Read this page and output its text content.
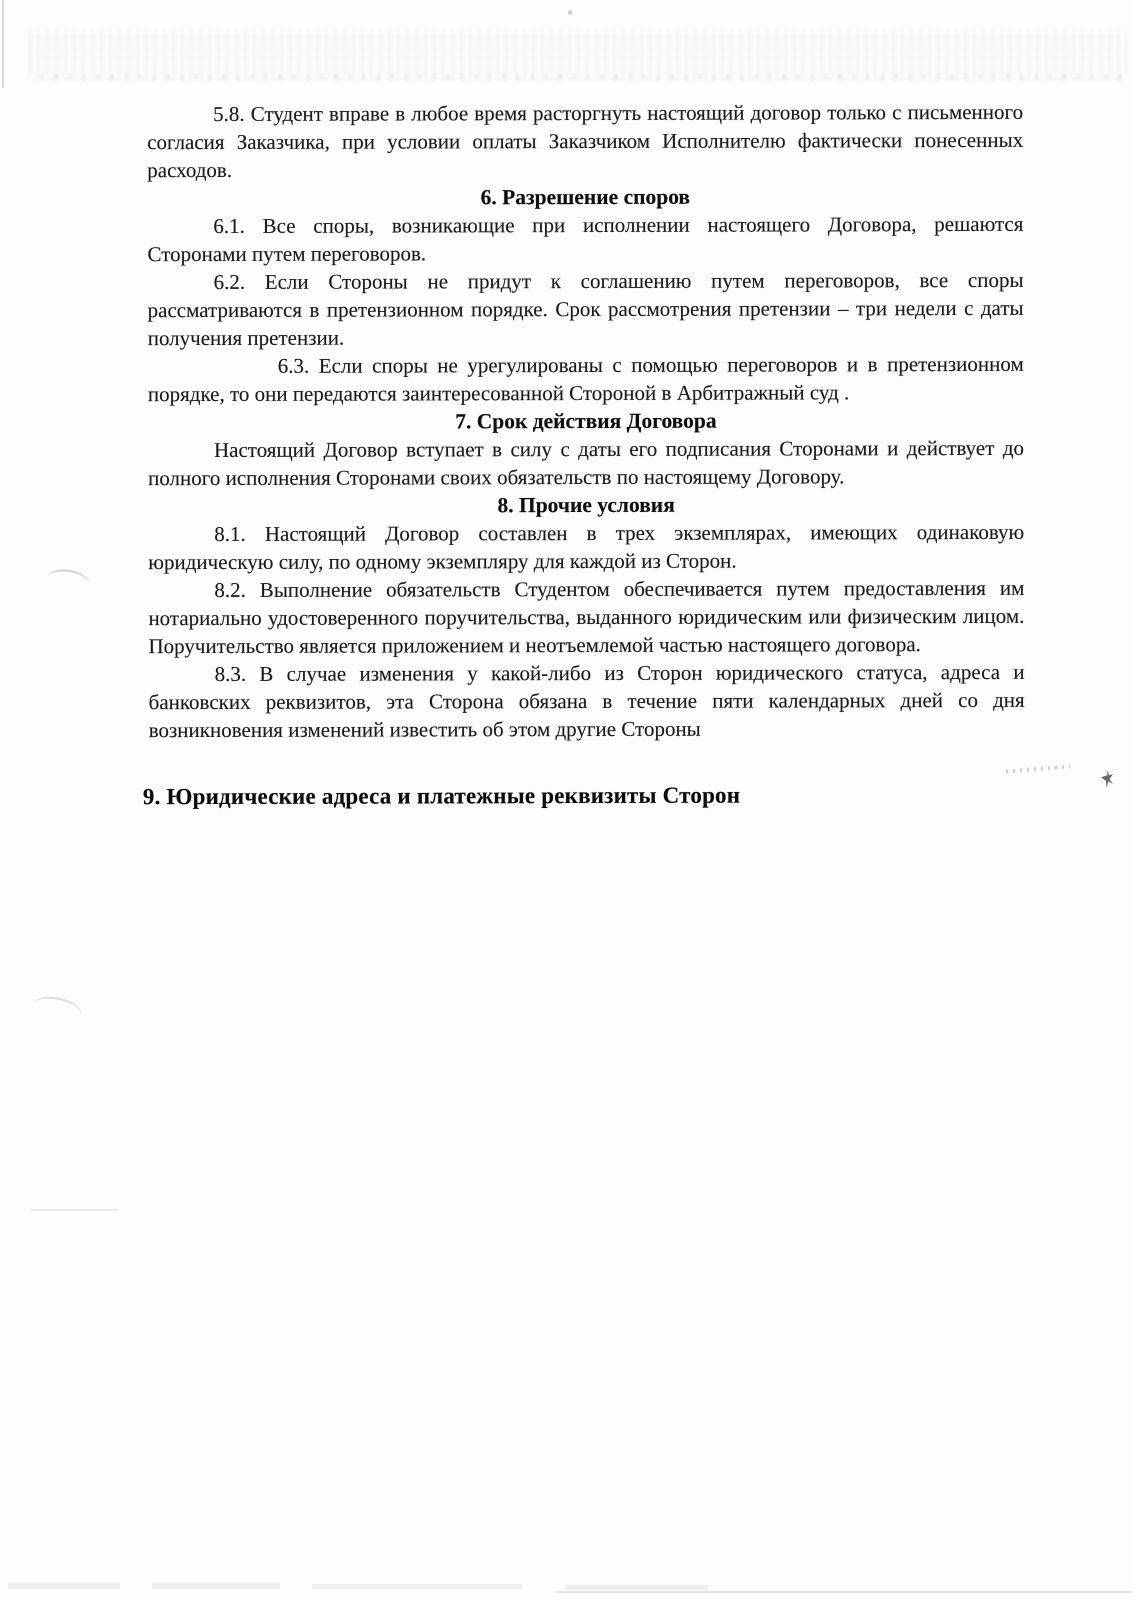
5.8. Студент вправе в любое время расторгнуть настоящий договор только с письменного согласия Заказчика, при условии оплаты Заказчиком Исполнителю фактически понесенных расходов.

6. Разрешение споров

6.1. Все споры, возникающие при исполнении настоящего Договора, решаются Сторонами путем переговоров.

6.2. Если Стороны не придут к соглашению путем переговоров, все споры рассматриваются в претензионном порядке. Срок рассмотрения претензии – три недели с даты получения претензии.

6.3. Если споры не урегулированы с помощью переговоров и в претензионном порядке, то они передаются заинтересованной Стороной в Арбитражный суд .

7. Срок действия Договора

Настоящий Договор вступает в силу с даты его подписания Сторонами и действует до полного исполнения Сторонами своих обязательств по настоящему Договору.

8. Прочие условия

8.1. Настоящий Договор составлен в трех экземплярах, имеющих одинаковую юридическую силу, по одному экземпляру для каждой из Сторон.

8.2. Выполнение обязательств Студентом обеспечивается путем предоставления им нотариально удостоверенного поручительства, выданного юридическим или физическим лицом. Поручительство является приложением и неотъемлемой частью настоящего договора.

8.3. В случае изменения у какой-либо из Сторон юридического статуса, адреса и банковских реквизитов, эта Сторона обязана в течение пяти календарных дней со дня возникновения изменений известить об этом другие Стороны

9. Юридические адреса и платежные реквизиты Сторон
